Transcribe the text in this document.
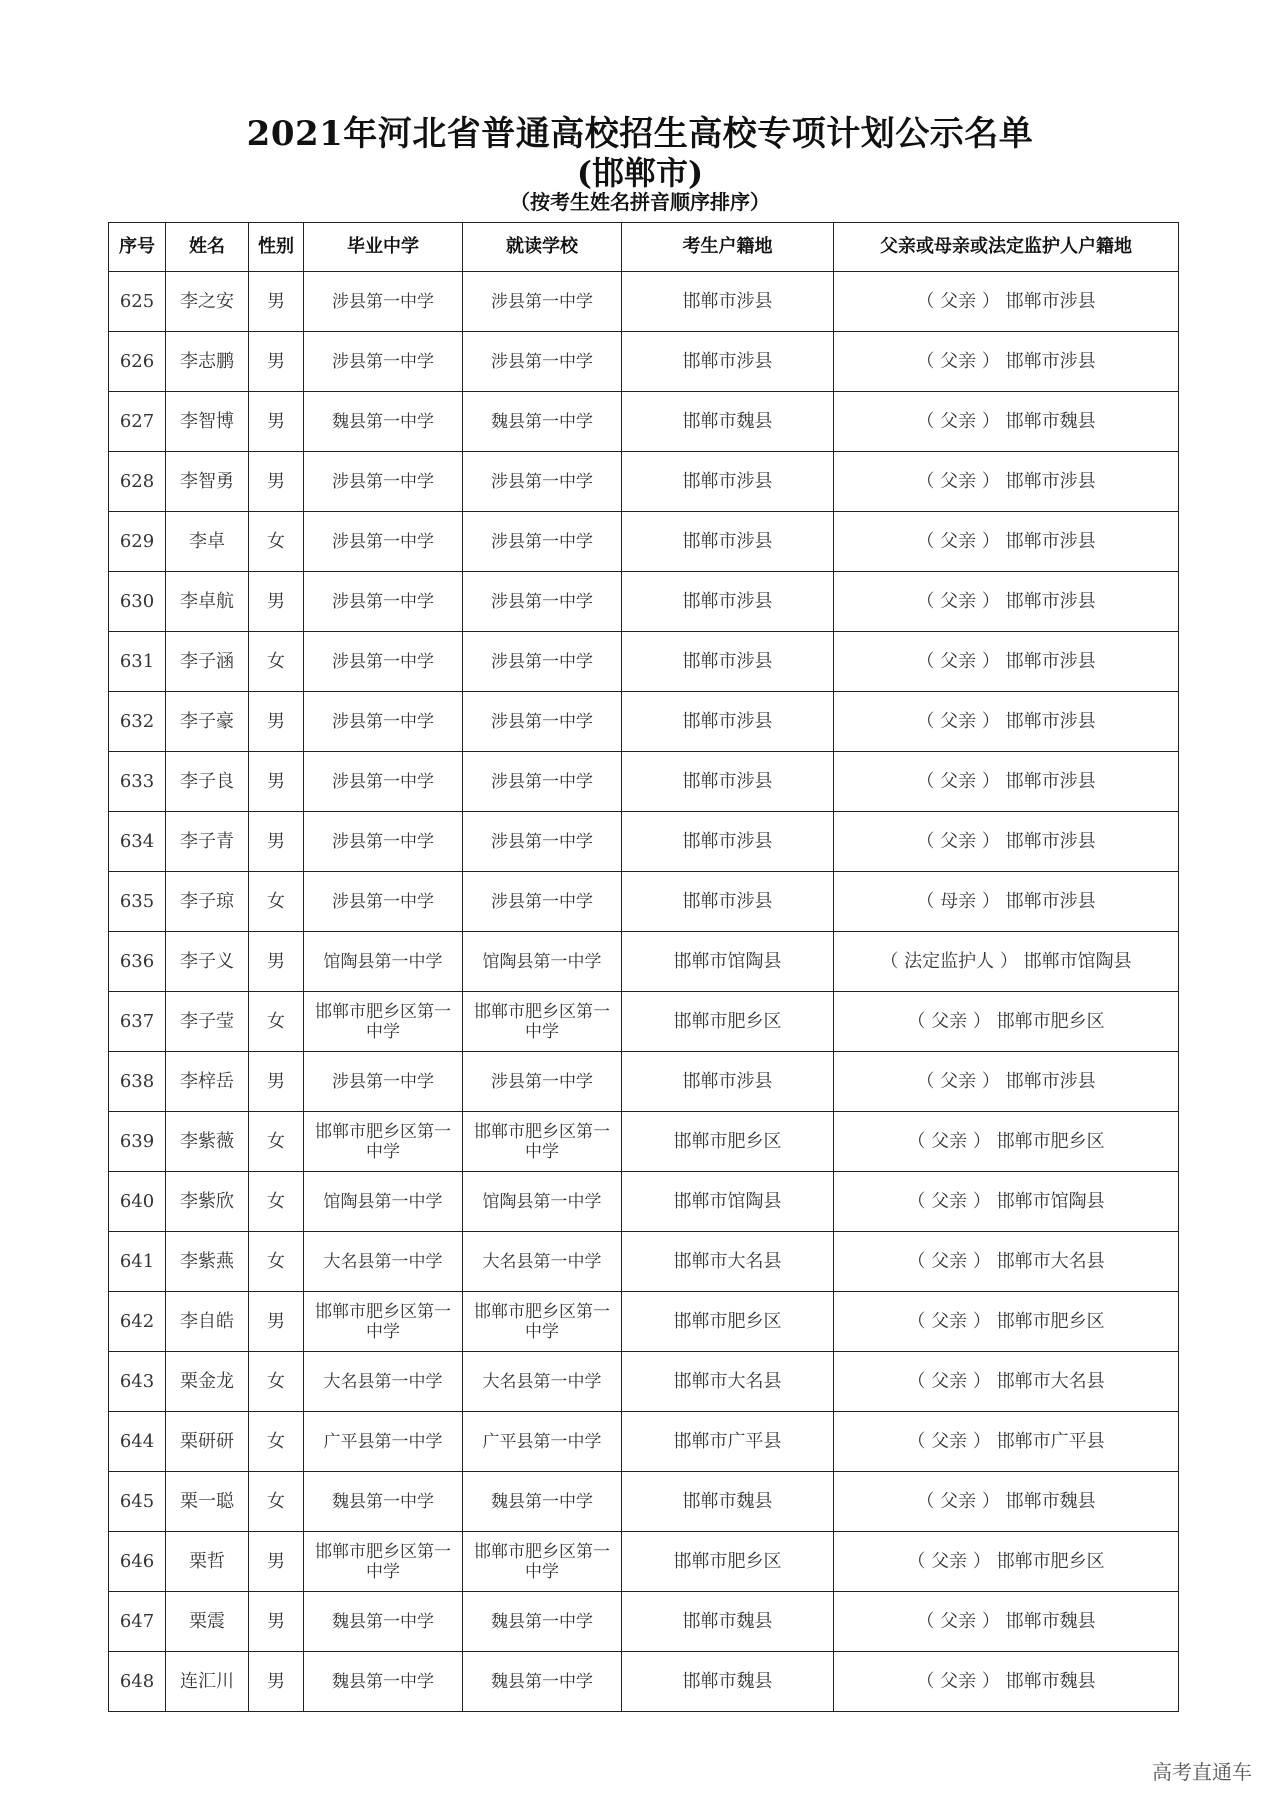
2021年河北省普通高校招生高校专项计划公示名单
(邯郸市)
（按考生姓名拼音顺序排序）
序号	姓名	性别	毕业中学	就读学校	考生户籍地	父亲或母亲或法定监护人户籍地
625	李之安	男	涉县第一中学	涉县第一中学	邯郸市涉县	（ 父亲 ） 邯郸市涉县
626	李志鹏	男	涉县第一中学	涉县第一中学	邯郸市涉县	（ 父亲 ） 邯郸市涉县
627	李智博	男	魏县第一中学	魏县第一中学	邯郸市魏县	（ 父亲 ） 邯郸市魏县
628	李智勇	男	涉县第一中学	涉县第一中学	邯郸市涉县	（ 父亲 ） 邯郸市涉县
629	李卓	女	涉县第一中学	涉县第一中学	邯郸市涉县	（ 父亲 ） 邯郸市涉县
630	李卓航	男	涉县第一中学	涉县第一中学	邯郸市涉县	（ 父亲 ） 邯郸市涉县
631	李子涵	女	涉县第一中学	涉县第一中学	邯郸市涉县	（ 父亲 ） 邯郸市涉县
632	李子豪	男	涉县第一中学	涉县第一中学	邯郸市涉县	（ 父亲 ） 邯郸市涉县
633	李子良	男	涉县第一中学	涉县第一中学	邯郸市涉县	（ 父亲 ） 邯郸市涉县
634	李子青	男	涉县第一中学	涉县第一中学	邯郸市涉县	（ 父亲 ） 邯郸市涉县
635	李子琼	女	涉县第一中学	涉县第一中学	邯郸市涉县	（ 母亲 ） 邯郸市涉县
636	李子义	男	馆陶县第一中学	馆陶县第一中学	邯郸市馆陶县	（ 法定监护人 ） 邯郸市馆陶县
637	李子莹	女	邯郸市肥乡区第一中学	邯郸市肥乡区第一中学	邯郸市肥乡区	（ 父亲 ） 邯郸市肥乡区
638	李梓岳	男	涉县第一中学	涉县第一中学	邯郸市涉县	（ 父亲 ） 邯郸市涉县
639	李紫薇	女	邯郸市肥乡区第一中学	邯郸市肥乡区第一中学	邯郸市肥乡区	（ 父亲 ） 邯郸市肥乡区
640	李紫欣	女	馆陶县第一中学	馆陶县第一中学	邯郸市馆陶县	（ 父亲 ） 邯郸市馆陶县
641	李紫燕	女	大名县第一中学	大名县第一中学	邯郸市大名县	（ 父亲 ） 邯郸市大名县
642	李自皓	男	邯郸市肥乡区第一中学	邯郸市肥乡区第一中学	邯郸市肥乡区	（ 父亲 ） 邯郸市肥乡区
643	栗金龙	女	大名县第一中学	大名县第一中学	邯郸市大名县	（ 父亲 ） 邯郸市大名县
644	栗研研	女	广平县第一中学	广平县第一中学	邯郸市广平县	（ 父亲 ） 邯郸市广平县
645	栗一聪	女	魏县第一中学	魏县第一中学	邯郸市魏县	（ 父亲 ） 邯郸市魏县
646	栗哲	男	邯郸市肥乡区第一中学	邯郸市肥乡区第一中学	邯郸市肥乡区	（ 父亲 ） 邯郸市肥乡区
647	栗震	男	魏县第一中学	魏县第一中学	邯郸市魏县	（ 父亲 ） 邯郸市魏县
648	连汇川	男	魏县第一中学	魏县第一中学	邯郸市魏县	（ 父亲 ） 邯郸市魏县
高考直通车
